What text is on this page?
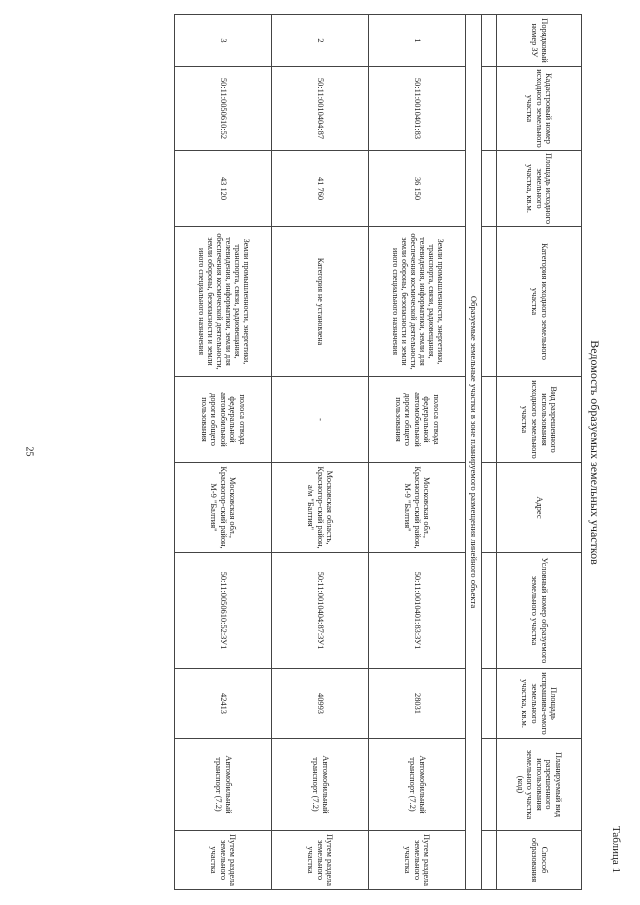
25
Таблица 1
Ведомость образуемых земельных участков
Порядковый номер ЗУ	Кадастровый номер исходного земельного участка	Площадь исходного земельного участка, кв.м.	Категория исходного земельного участка	Вид разрешенного использования исходного земельного участка	Адрес	Условный номер образуемого земельного участка	Площадь испрашива-емого земельного участка, кв.м.	Планируемый вид разрешенного использования земельного участка (код)	Способ образования

Образуемые земельные участки в зоне планируемого размещения линейного объекта									
1	50:11:0010401:83	36 150	Земли промышленности, энергетики, транспорта, связи, радиовещания, телевидения, информатики, земли для обеспечения космической деятельности, земли обороны, безопасности и земли иного специального назначения	полоса отвода федеральной автомобильной дороги общего пользования	Московская обл., Красногор-ский район, М-9 "Балтия"	50:11:0010401:83:ЗУ1	28031	Автомобильный транспорт (7.2)	Путем раздела земельного участка
2	50:11:0010404:87	41 760	Категория не установлена	-	Московская область, Красногор-ский район, а/м "Балтия"	50:11:0010404:87:ЗУ1	40993	Автомобильный транспорт (7.2)	Путем раздела земельного участка
3	50:11:0050610:52	43 120	Земли промышленности, энергетики, транспорта, связи, радиовещания, телевидения, информатики, земли для обеспечения космической деятельности, земли обороны, безопасности и земли иного специального назначения	полоса отвода федеральной автомобильной дороги общего пользования	Московская обл., Красногор-ский район, М-9 "Балтия"	50:11:0050610:52:ЗУ1	42413	Автомобильный транспорт (7.2)	Путем раздела земельного участка
